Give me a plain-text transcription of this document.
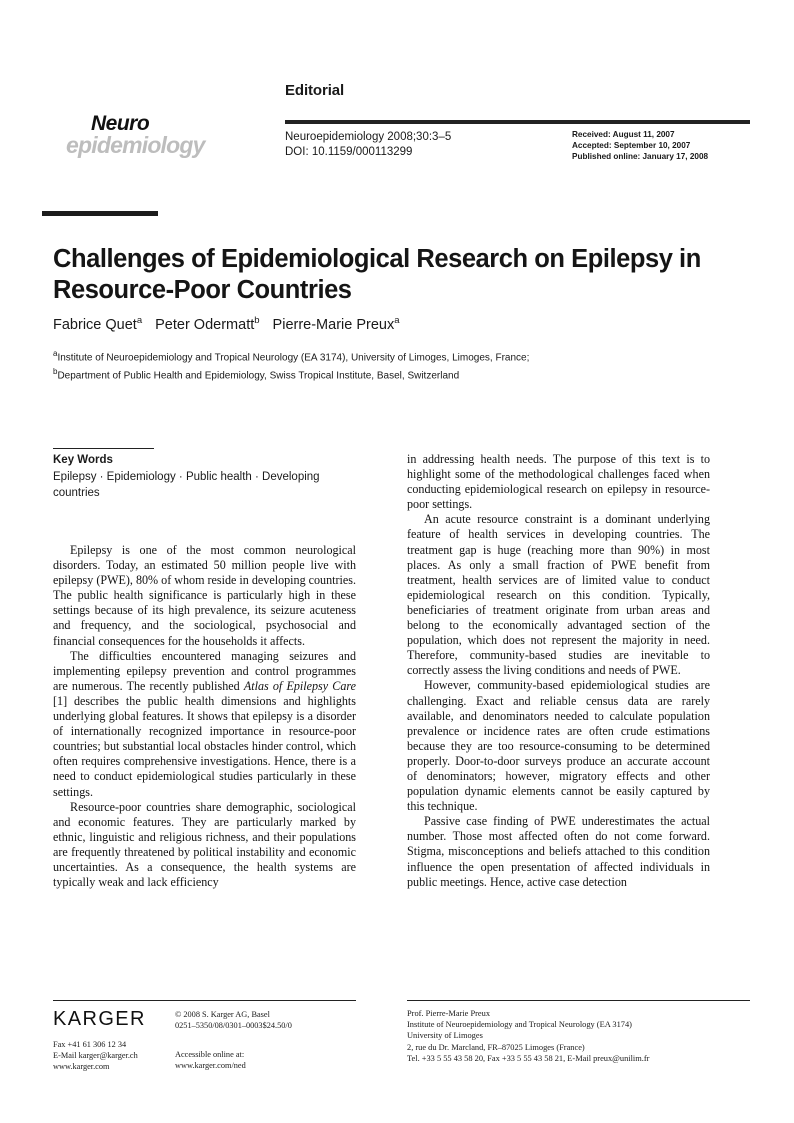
Editorial
Neuroepidemiology 2008;30:3–5
DOI: 10.1159/000113299
Received: August 11, 2007
Accepted: September 10, 2007
Published online: January 17, 2008
Neuro
epidemiology
Challenges of Epidemiological Research on Epilepsy in Resource-Poor Countries
Fabrice Quet$^a$ Peter Odermatt$^b$ Pierre-Marie Preux$^a$
$^a$Institute of Neuroepidemiology and Tropical Neurology (EA 3174), University of Limoges, Limoges, France;
$^b$Department of Public Health and Epidemiology, Swiss Tropical Institute, Basel, Switzerland
Key Words
Epilepsy · Epidemiology · Public health · Developing countries

Epilepsy is one of the most common neurological disorders. Today, an estimated 50 million people live with epilepsy (PWE), 80% of whom reside in developing countries. The public health significance is particularly high in these settings because of its high prevalence, its seizure acuteness and frequency, and the sociological, psychosocial and financial consequences for the households it affects.

The difficulties encountered managing seizures and implementing epilepsy prevention and control programmes are numerous. The recently published Atlas of Epilepsy Care [1] describes the public health dimensions and highlights underlying global features. It shows that epilepsy is a disorder of internationally recognized importance in resource-poor countries; but substantial local obstacles hinder control, which often requires comprehensive investigations. Hence, there is a need to conduct epidemiological studies particularly in these settings.

Resource-poor countries share demographic, sociological and economic features. They are particularly marked by ethnic, linguistic and religious richness, and their populations are frequently threatened by political instability and economic uncertainties. As a consequence, the health systems are typically weak and lack efficiency

in addressing health needs. The purpose of this text is to highlight some of the methodological challenges faced when conducting epidemiological research on epilepsy in resource-poor settings.

An acute resource constraint is a dominant underlying feature of health services in developing countries. The treatment gap is huge (reaching more than 90%) in most places. As only a small fraction of PWE benefit from treatment, health services are of limited value to conduct epidemiological research on this condition. Typically, beneficiaries of treatment originate from urban areas and belong to the economically advantaged section of the population, which does not represent the majority in need. Therefore, community-based studies are inevitable to correctly assess the living conditions and needs of PWE.

However, community-based epidemiological studies are challenging. Exact and reliable census data are rarely available, and denominators needed to calculate population prevalence or incidence rates are often crude estimations because they are too resource-consuming to be determined properly. Door-to-door surveys produce an accurate account of denominators; however, migratory effects and other population dynamic elements cannot be easily captured by this technique.

Passive case finding of PWE underestimates the actual number. Those most affected often do not come forward. Stigma, misconceptions and beliefs attached to this condition influence the open presentation of affected individuals in public meetings. Hence, active case detection

KARGER	© 2008 S. Karger AG, Basel
0251–5350/08/0301–0003$24.50/0
Fax +41 61 306 12 34
E-Mail karger@karger.ch
www.karger.com
Accessible online at:
www.karger.com/ned
Prof. Pierre-Marie Preux
Institute of Neuroepidemiology and Tropical Neurology (EA 3174)
University of Limoges
2, rue du Dr. Marcland, FR–87025 Limoges (France)
Tel. +33 5 55 43 58 20, Fax +33 5 55 43 58 21, E-Mail preux@unilim.fr
